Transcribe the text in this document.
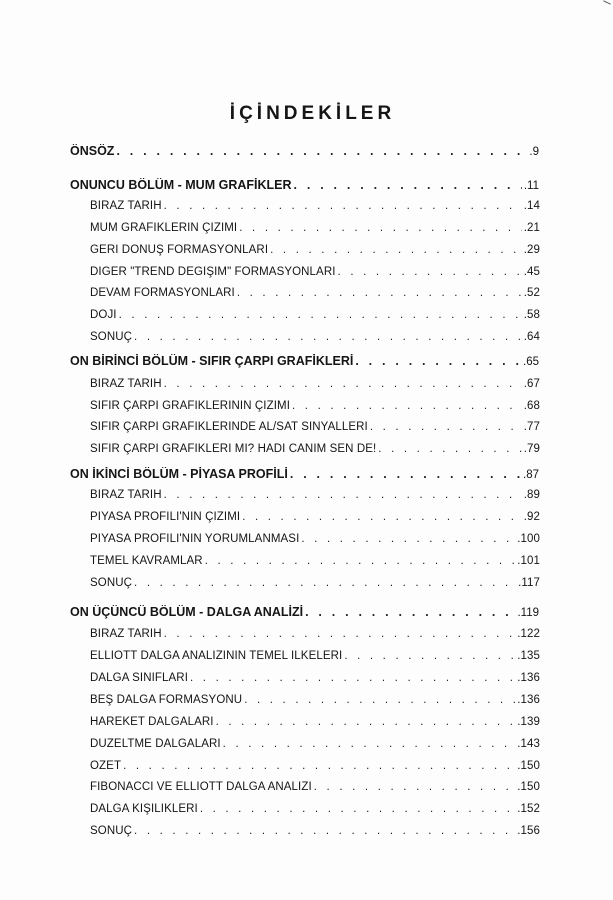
İÇİNDEKİLER
ÖNSÖZ . . .	.9
ONUNCU BÖLÜM - MUM GRAFİKLER . . .	.11
BİRAZ TARİH . . .	.14
MUM GRAFİKLERİN ÇİZİMİ . . .	.21
GERİ DÖNÜŞ FORMASYONLARI . . .	.29
DİĞER "TREND DEĞİŞİM" FORMASYONLARI . . .	.45
DEVAM FORMASYONLARI . . .	.52
DOJİ . . .	.58
SONUÇ . . .	.64
ON BİRİNCİ BÖLÜM - SIFIR ÇARPI GRAFİKLERİ . . .	.65
BİRAZ TARİH . . .	.67
SIFIR ÇARPI GRAFİKLERİNİN ÇİZİMİ . . .	.68
SIFIR ÇARPI GRAFİKLERİNDE AL/SAT SİNYALLERİ . . .	.77
SIFIR ÇARPI GRAFİKLERİ Mİ? HADİ CANIM SEN DE! . . .	.79
ON İKİNCİ BÖLÜM - PİYASA PROFİLİ . . .	.87
BİRAZ TARİH . . .	.89
PİYASA PROFİLİ'NİN ÇİZİMİ . . .	.92
PİYASA PROFİLİ'NİN YORUMLANMASI . . .	.100
TEMEL KAVRAMLAR . . .	.101
SONUÇ . . .	.117
ON ÜÇÜNCÜ BÖLÜM - DALGA ANALİZİ . . .	.119
BİRAZ TARİH . . .	.122
ELLİOTT DALGA ANALİZİNİN TEMEL İLKELERİ . . .	.135
DALGA SINIFLARI . . .	.136
BEŞ DALGA FORMASYONU . . .	.136
HAREKET DALGALARI . . .	.139
DÜZELTME DALGALARI . . .	.143
ÖZET . . .	.150
FIBONACCI VE ELLİOTT DALGA ANALİZİ . . .	.150
DALGA KİŞİLİKLERİ . . .	.152
SONUÇ . . .	.156
